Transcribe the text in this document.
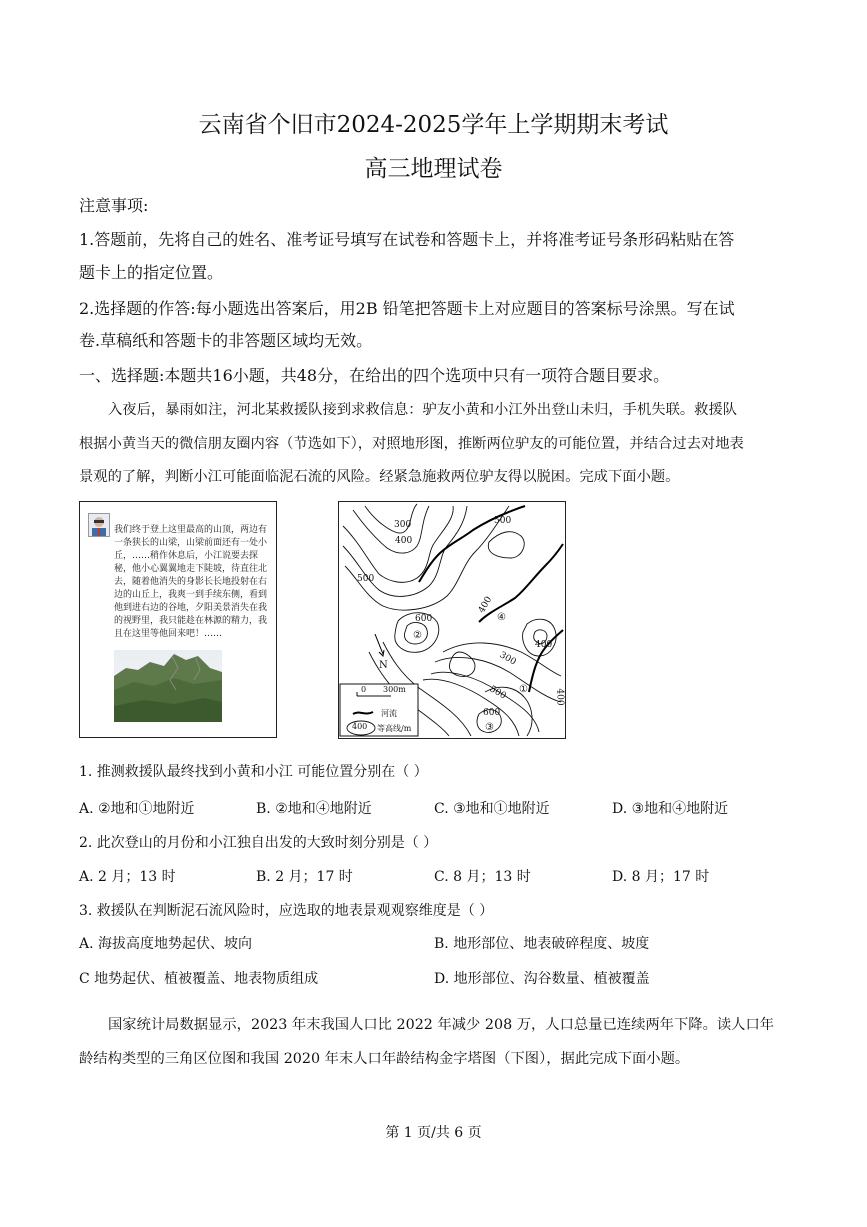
云南省个旧市2024-2025学年上学期期末考试
高三地理试卷
注意事项:
1.答题前，先将自己的姓名、准考证号填写在试卷和答题卡上，并将准考证号条形码粘贴在答
题卡上的指定位置。
2.选择题的作答:每小题选出答案后，用2B 铅笔把答题卡上对应题目的答案标号涂黑。写在试
卷.草稿纸和答题卡的非答题区域均无效。
一、选择题:本题共16小题，共48分，在给出的四个选项中只有一项符合题目要求。
入夜后，暴雨如注，河北某救援队接到求救信息：驴友小黄和小江外出登山未归，手机失联。救援队
根据小黄当天的微信朋友圈内容（节选如下），对照地形图，推断两位驴友的可能位置，并结合过去对地表
景观的了解，判断小江可能面临泥石流的风险。经紧急施救两位驴友得以脱困。完成下面小题。
我们终于登上这里最高的山顶，两边有一条狭长的山梁，山梁前面还有一处小丘，……稍作休息后，小江说要去探秘，他小心翼翼地走下陡坡，待直往北去，随着他消失的身影长长地投射在右边的山丘上，我爽一到手续东侧，看到他到进右边的谷地，夕阳美景消失在我的视野里，我只能趁在林源的精力，我且在这里等他回来吧！……
300
400
500
500
400
600
300
400
500	400
600
②
④
①
③
N
0 300m
河流
400 等高线/m
1. 推测救援队最终找到小黄和小江 可能位置分别在（ ）
A. ②地和①地附近	B. ②地和④地附近	C. ③地和①地附近	D. ③地和④地附近
2. 此次登山的月份和小江独自出发的大致时刻分别是（ ）
A. 2 月；13 时	B. 2 月；17 时	C. 8 月；13 时	D. 8 月；17 时
3. 救援队在判断泥石流风险时，应选取的地表景观观察维度是（ ）
A. 海拔高度地势起伏、坡向	B. 地形部位、地表破碎程度、坡度
C 地势起伏、植被覆盖、地表物质组成	D. 地形部位、沟谷数量、植被覆盖
国家统计局数据显示，2023 年末我国人口比 2022 年减少 208 万，人口总量已连续两年下降。读人口年
龄结构类型的三角区位图和我国 2020 年末人口年龄结构金字塔图（下图），据此完成下面小题。
第 1 页/共 6 页
